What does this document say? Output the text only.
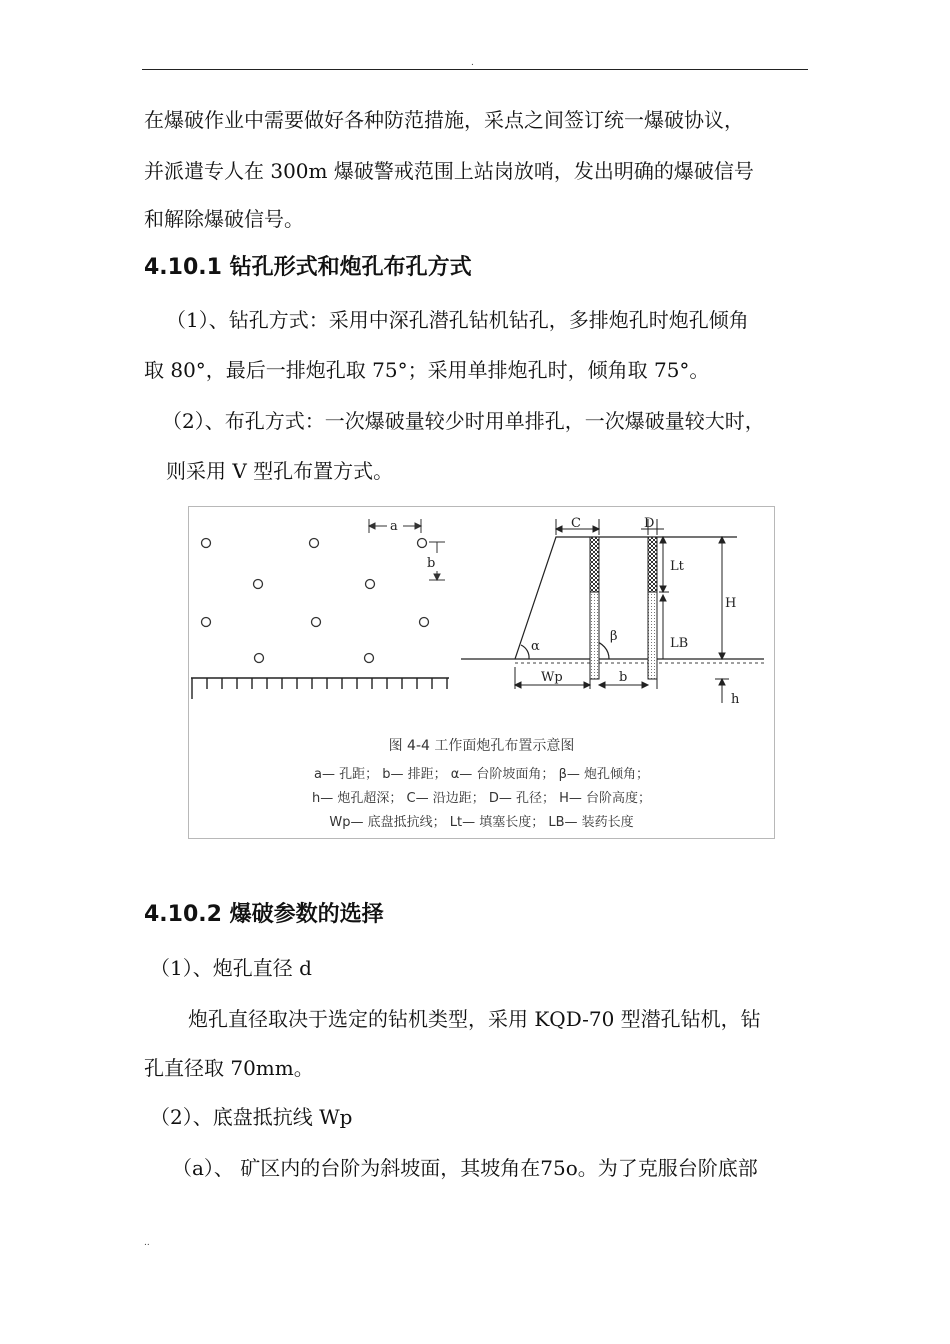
.
在爆破作业中需要做好各种防范措施，采点之间签订统一爆破协议，
并派遣专人在 300m 爆破警戒范围上站岗放哨，发出明确的爆破信号
和解除爆破信号。
4.10.1 钻孔形式和炮孔布孔方式
（1）、钻孔方式：采用中深孔潜孔钻机钻孔，多排炮孔时炮孔倾角
取 80°，最后一排炮孔取 75°；采用单排炮孔时，倾角取 75°。
（2）、布孔方式：一次爆破量较少时用单排孔，一次爆破量较大时，
则采用 V 型孔布置方式。
a
b
C	D
Lt
H
LB
α
β
Wp	b
h
图 4-4 工作面炮孔布置示意图
a— 孔距； b— 排距； α— 台阶坡面角； β— 炮孔倾角；
h— 炮孔超深； C— 沿边距； D— 孔径； H— 台阶高度；
Wp— 底盘抵抗线； Lt— 填塞长度； LB— 装药长度
4.10.2 爆破参数的选择
（1）、炮孔直径 d
炮孔直径取决于选定的钻机类型，采用 KQD-70 型潜孔钻机，钻
孔直径取 70mm。
（2）、底盘抵抗线 Wp
（a）、 矿区内的台阶为斜坡面，其坡角在75o。为了克服台阶底部
..
